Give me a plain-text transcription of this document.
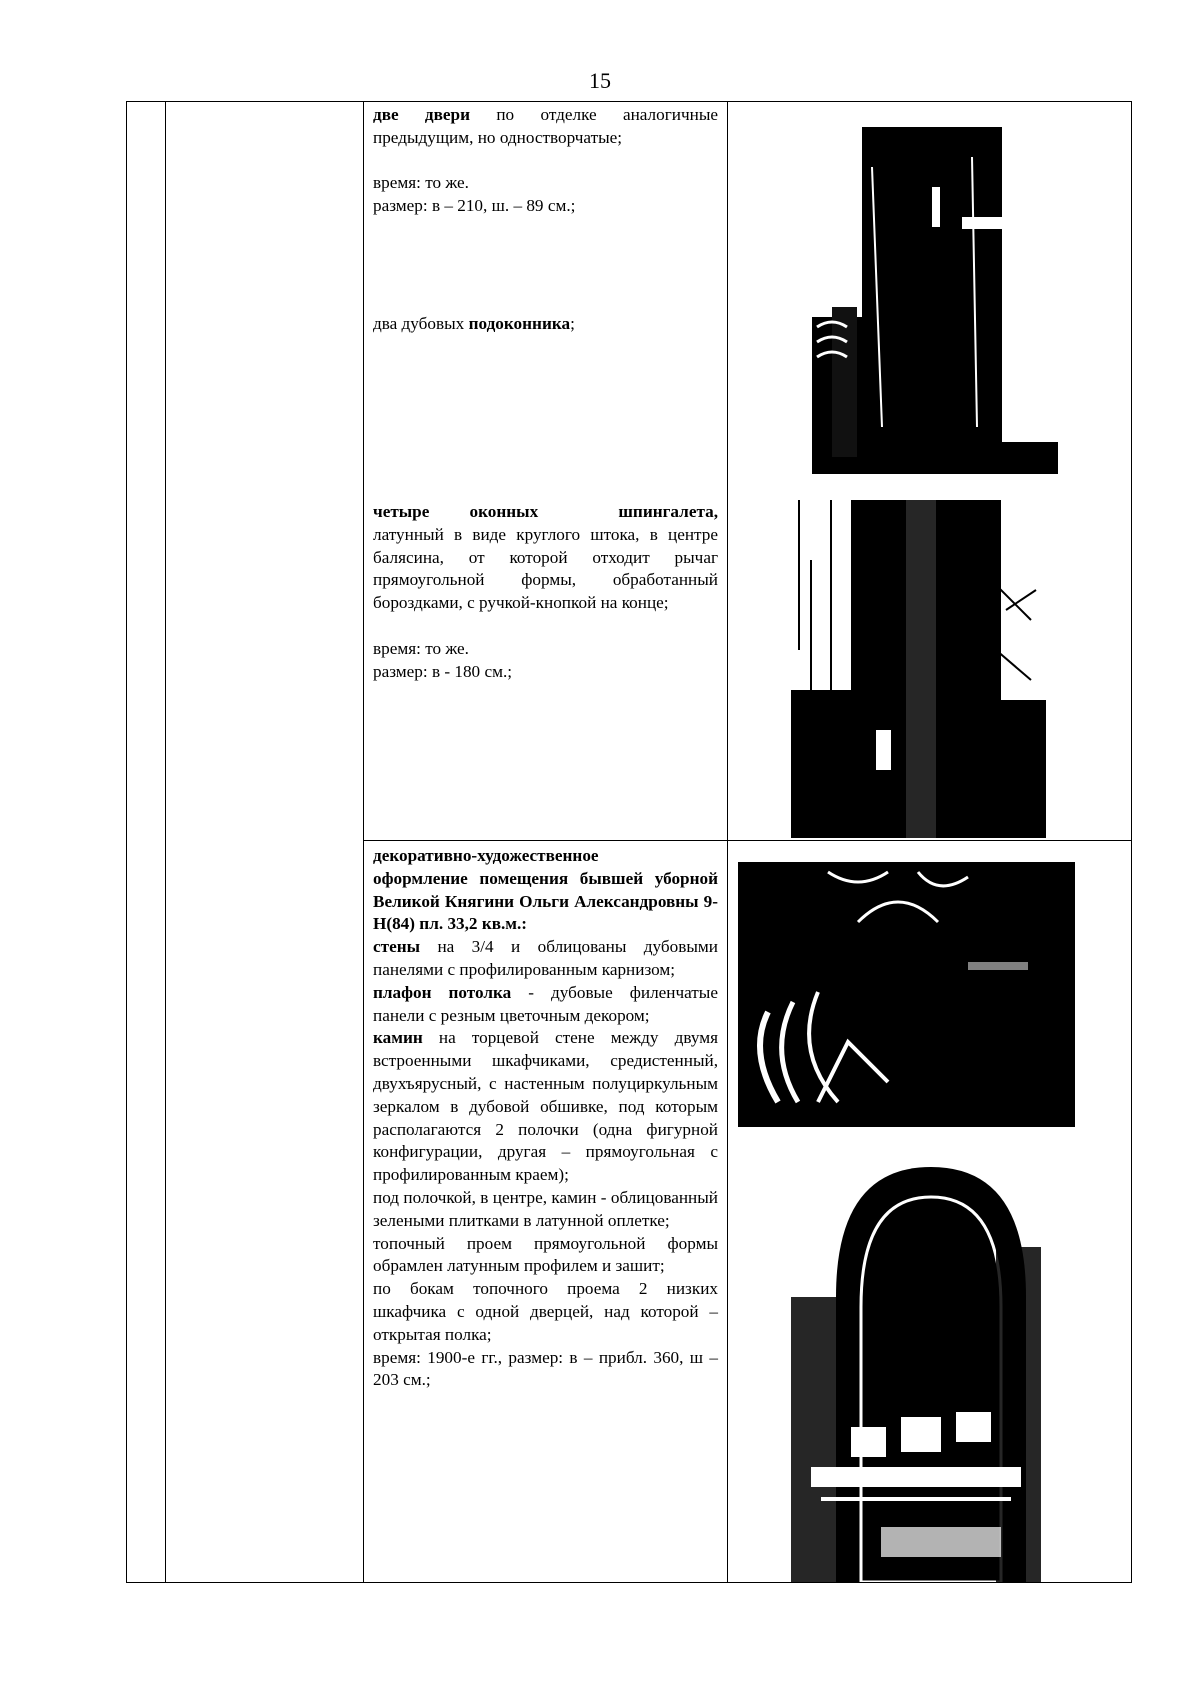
15

две двери по отделке аналогичные предыдущим, но одностворчатые;

время: то же.

размер: в – 210, ш. – 89 см.;

два дубовых подоконника;

четыре    оконных        шпингалета,

латунный в виде круглого штока, в центре балясина, от которой отходит рычаг прямоугольной формы, обработанный бороздками, с ручкой-кнопкой на конце;

время: то же.

размер: в - 180 см.;

декоративно-художественное

оформление помещения бывшей уборной Великой Княгини Ольги Александровны 9-Н(84) пл. 33,2 кв.м.:

стены на 3/4 и облицованы дубовыми панелями с профилированным карнизом;

плафон потолка - дубовые филенчатые панели с резным цветочным декором;

камин на торцевой стене между двумя встроенными шкафчиками, средистенный, двухъярусный, с настенным полуциркульным зеркалом в дубовой обшивке, под которым располагаются 2 полочки (одна фигурной конфигурации, другая – прямоугольная с профилированным краем);

под полочкой, в центре, камин - облицованный зелеными плитками в латунной оплетке;

топочный проем прямоугольной формы обрамлен латунным профилем и зашит;

по бокам топочного проема 2 низких шкафчика с одной дверцей, над которой – открытая полка;

время: 1900-е гг., размер: в – прибл. 360, ш – 203 см.;
